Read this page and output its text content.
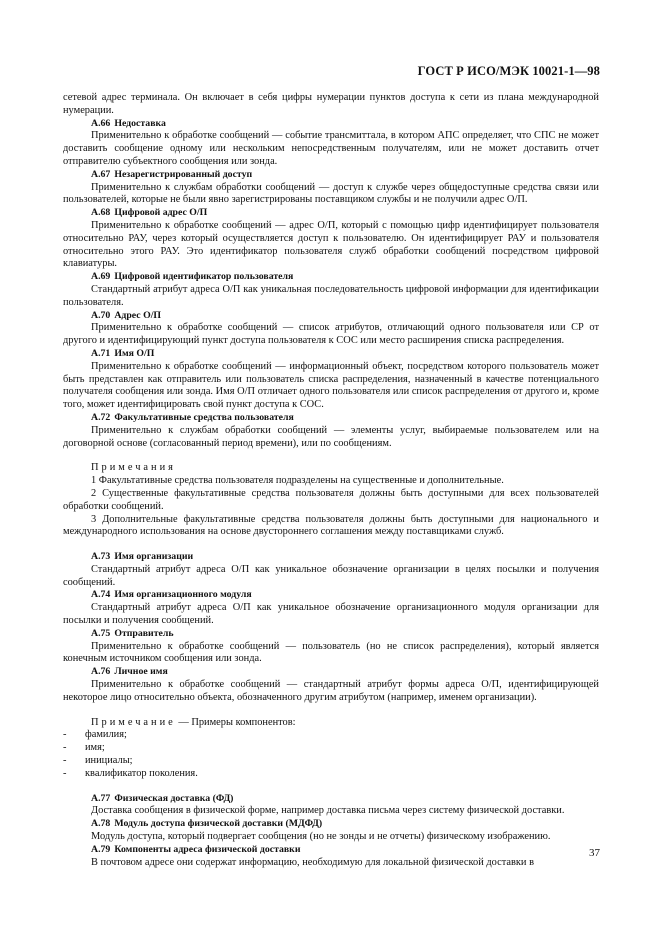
ГОСТ Р ИСО/МЭК 10021-1—98

сетевой адрес терминала. Он включает в себя цифры нумерации пунктов доступа к сети из плана международной нумерации.

А.66 Недоставка

Применительно к обработке сообщений — событие трансмиттала, в котором АПС определяет, что СПС не может доставить сообщение одному или нескольким непосредственным получателям, или не может доставить отчет отправителю субъектного сообщения или зонда.

А.67 Незарегистрированный доступ

Применительно к службам обработки сообщений — доступ к службе через общедоступные средства связи или пользователей, которые не были явно зарегистрированы поставщиком службы и не получили адрес О/П.

А.68 Цифровой адрес О/П

Применительно к обработке сообщений — адрес О/П, который с помощью цифр идентифицирует пользователя относительно РАУ, через который осуществляется доступ к пользователю. Он идентифицирует РАУ и пользователя относительно этого РАУ. Это идентификатор пользователя служб обработки сообщений посредством цифровой клавиатуры.

А.69 Цифровой идентификатор пользователя

Стандартный атрибут адреса О/П как уникальная последовательность цифровой информации для идентификации пользователя.

А.70 Адрес О/П

Применительно к обработке сообщений — список атрибутов, отличающий одного пользователя или СР от другого и идентифицирующий пункт доступа пользователя к СОС или место расширения списка распределения.

А.71 Имя О/П

Применительно к обработке сообщений — информационный объект, посредством которого пользователь может быть представлен как отправитель или пользователь списка распределения, назначенный в качестве потенциального получателя сообщения или зонда. Имя О/П отличает одного пользователя или список распределения от другого и, кроме того, может идентифицировать свой пункт доступа к СОС.

А.72 Факультативные средства пользователя

Применительно к службам обработки сообщений — элементы услуг, выбираемые пользователем или на договорной основе (согласованный период времени), или по сообщениям.

Примечания

1 Факультативные средства пользователя подразделены на существенные и дополнительные.

2 Существенные факультативные средства пользователя должны быть доступными для всех пользователей обработки сообщений.

3 Дополнительные факультативные средства пользователя должны быть доступными для национального и международного использования на основе двустороннего соглашения между поставщиками служб.

А.73 Имя организации

Стандартный атрибут адреса О/П как уникальное обозначение организации в целях посылки и получения сообщений.

А.74 Имя организационного модуля

Стандартный атрибут адреса О/П как уникальное обозначение организационного модуля организации для посылки и получения сообщений.

А.75 Отправитель

Применительно к обработке сообщений — пользователь (но не список распределения), который является конечным источником сообщения или зонда.

А.76 Личное имя

Применительно к обработке сообщений — стандартный атрибут формы адреса О/П, идентифицирующей некоторое лицо относительно объекта, обозначенного другим атрибутом (например, именем организации).

Примечание — Примеры компонентов:

- фамилия;

- имя;

- инициалы;

- квалификатор поколения.

А.77 Физическая доставка (ФД)

Доставка сообщения в физической форме, например доставка письма через систему физической доставки.

А.78 Модуль доступа физической доставки (МДФД)

Модуль доступа, который подвергает сообщения (но не зонды и не отчеты) физическому изображению.

А.79 Компоненты адреса физической доставки

В почтовом адресе они содержат информацию, необходимую для локальной физической доставки в

37
